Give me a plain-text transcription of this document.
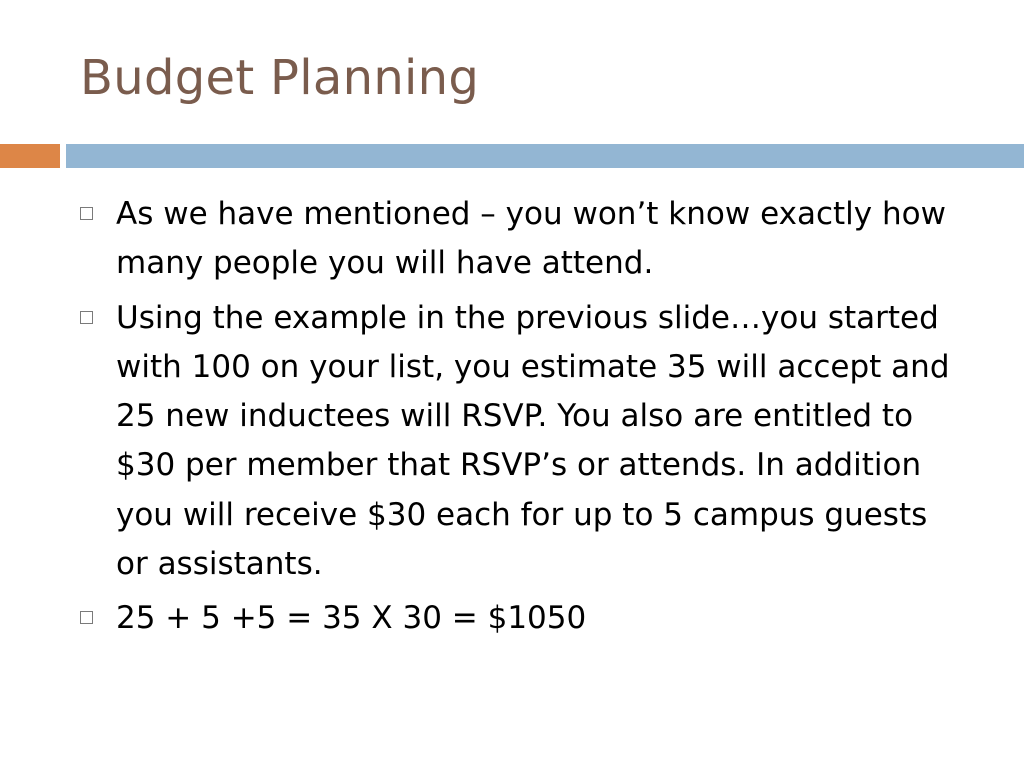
Budget Planning
As we have mentioned – you won’t know exactly how many people you will have attend.
Using the example in the previous slide…you started with 100 on your list, you estimate 35 will accept and 25 new inductees will RSVP. You also are entitled to $30 per member that RSVP’s or attends. In addition you will receive $30 each for up to 5 campus guests or assistants.
25 + 5 +5 = 35 X 30 = $1050
